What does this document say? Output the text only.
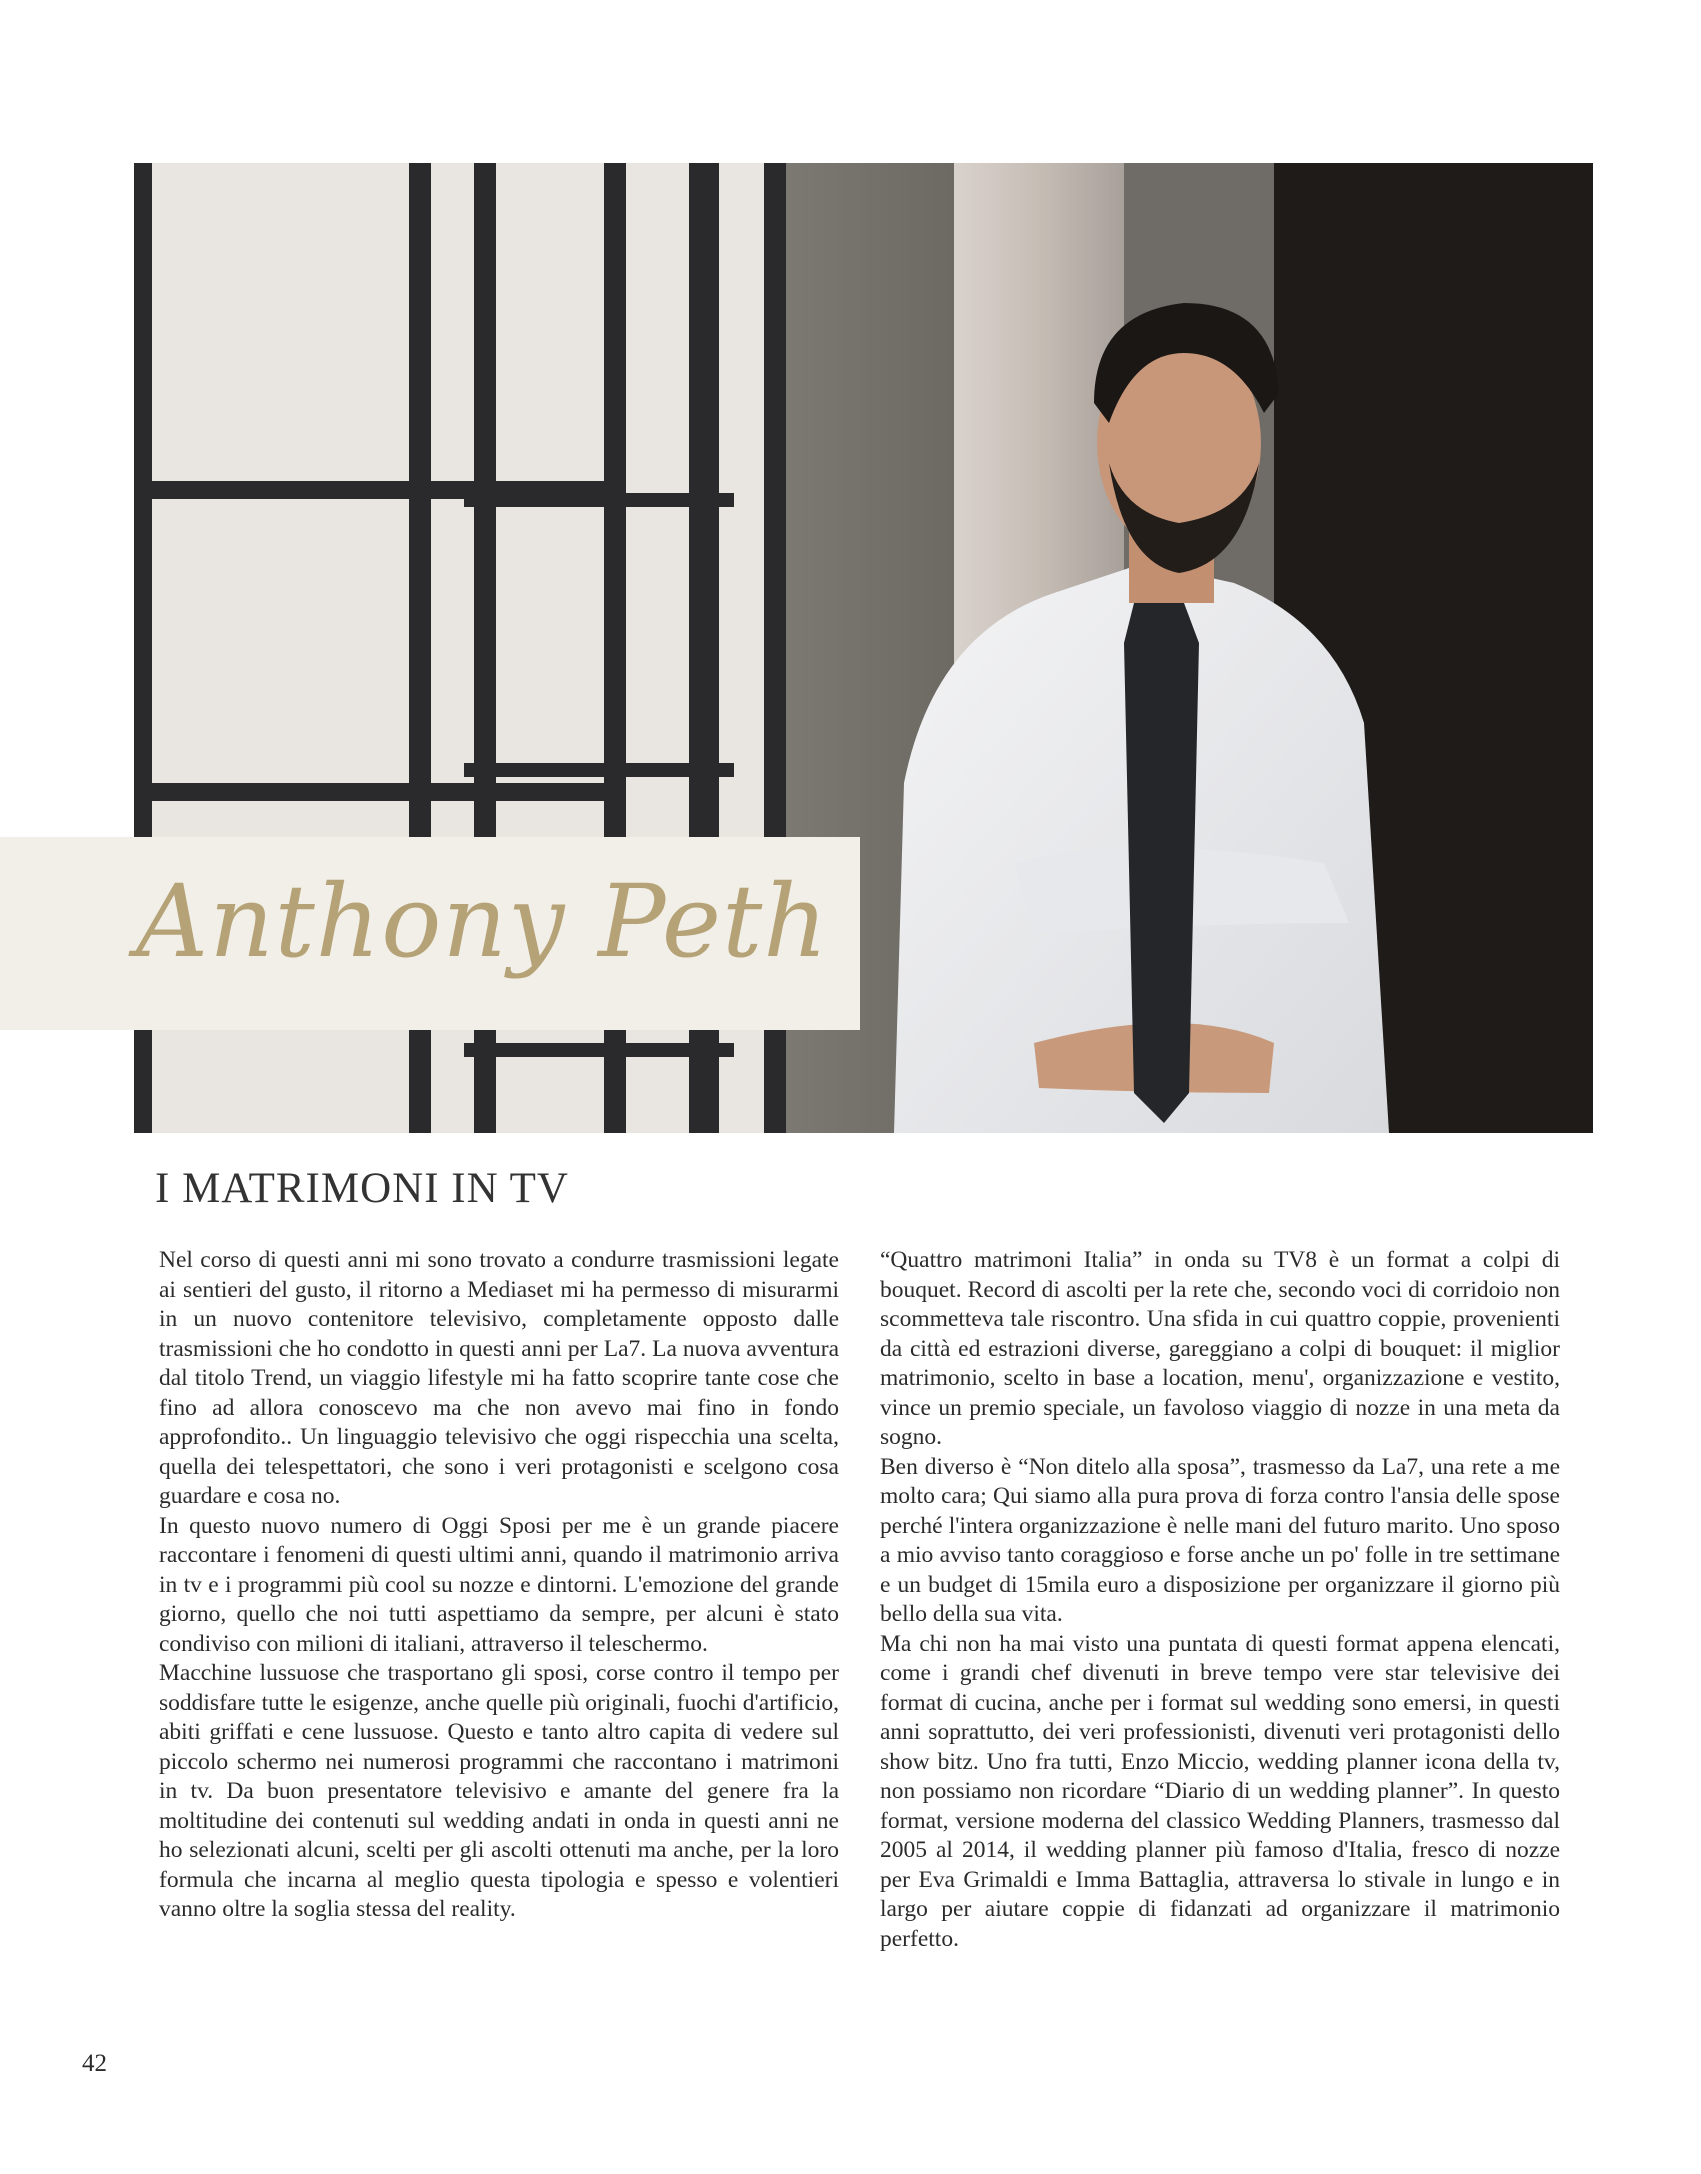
Anthony Peth
I MATRIMONI IN TV

Nel corso di questi anni mi sono trovato a condurre trasmissioni legate ai sentieri del gusto, il ritorno a Mediaset mi ha permesso di misurarmi in un nuovo contenitore televisivo, completamente opposto dalle trasmissioni che ho condotto in questi anni per La7. La nuova avventura dal titolo Trend, un viaggio lifestyle mi ha fatto scoprire tante cose che fino ad allora conoscevo ma che non avevo mai fino in fondo approfondito.. Un linguaggio televisivo che oggi rispecchia una scelta, quella dei telespettatori, che sono i veri protagonisti e scelgono cosa guardare e cosa no.

In questo nuovo numero di Oggi Sposi per me è un grande piacere raccontare i fenomeni di questi ultimi anni, quando il matrimonio arriva in tv e i programmi più cool su nozze e dintorni. L'emozione del grande giorno, quello che noi tutti aspettiamo da sempre, per alcuni è stato condiviso con milioni di italiani, attraverso il teleschermo.

Macchine lussuose che trasportano gli sposi, corse contro il tempo per soddisfare tutte le esigenze, anche quelle più originali, fuochi d'artificio, abiti griffati e cene lussuose. Questo e tanto altro capita di vedere sul piccolo schermo nei numerosi programmi che raccontano i matrimoni in tv. Da buon presentatore televisivo e amante del genere fra la moltitudine dei contenuti sul wedding andati in onda in questi anni ne ho selezionati alcuni, scelti per gli ascolti ottenuti ma anche, per la loro formula che incarna al meglio questa tipologia e spesso e volentieri vanno oltre la soglia stessa del reality.

“Quattro matrimoni Italia” in onda su TV8 è un format a colpi di bouquet. Record di ascolti per la rete che, secondo voci di corridoio non scommetteva tale riscontro. Una sfida in cui quattro coppie, provenienti da città ed estrazioni diverse, gareggiano a colpi di bouquet: il miglior matrimonio, scelto in base a location, menu', organizzazione e vestito, vince un premio speciale, un favoloso viaggio di nozze in una meta da sogno.

Ben diverso è “Non ditelo alla sposa”, trasmesso da La7, una rete a me molto cara; Qui siamo alla pura prova di forza contro l'ansia delle spose perché l'intera organizzazione è nelle mani del futuro marito. Uno sposo a mio avviso tanto coraggioso e forse anche un po' folle in tre settimane e un budget di 15mila euro a disposizione per organizzare il giorno più bello della sua vita.

Ma chi non ha mai visto una puntata di questi format appena elencati, come i grandi chef divenuti in breve tempo vere star televisive dei format di cucina, anche per i format sul wedding sono emersi, in questi anni soprattutto, dei veri professionisti, divenuti veri protagonisti dello show bitz. Uno fra tutti, Enzo Miccio, wedding planner icona della tv, non possiamo non ricordare “Diario di un wedding planner”. In questo format, versione moderna del classico Wedding Planners, trasmesso dal 2005 al 2014, il wedding planner più famoso d'Italia, fresco di nozze per Eva Grimaldi e Imma Battaglia, attraversa lo stivale in lungo e in largo per aiutare coppie di fidanzati ad organizzare il matrimonio perfetto.

42
